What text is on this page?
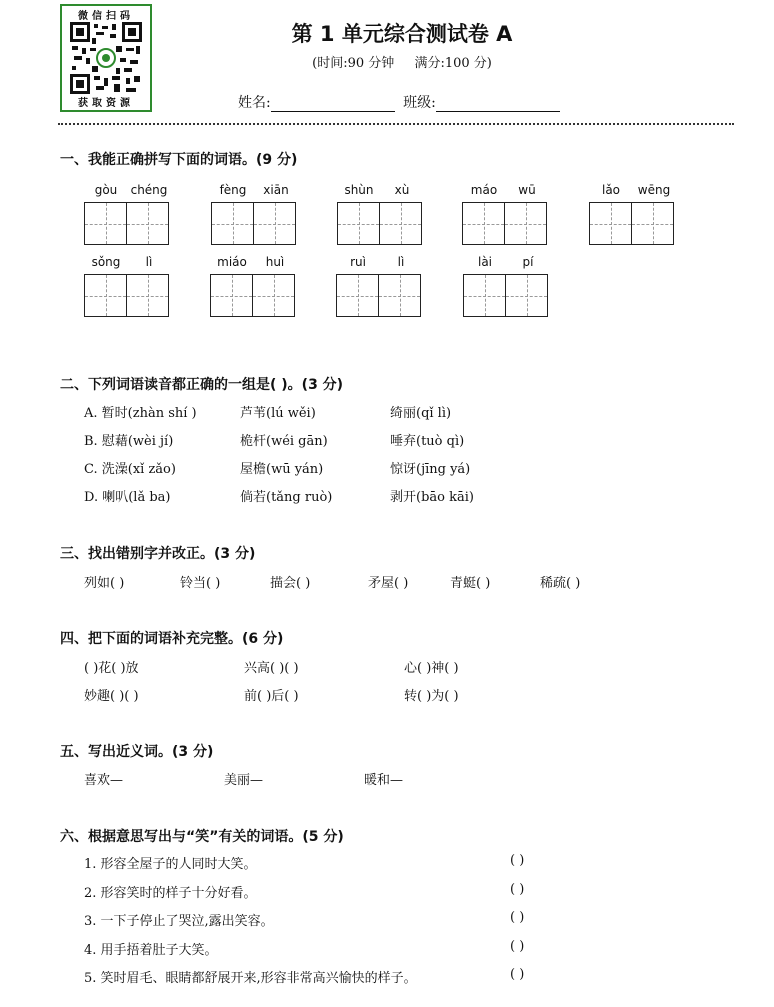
微信扫码
获取资源
第 1 单元综合测试卷 A
(时间:90 分钟 满分:100 分)
姓名:	班级:
一、我能正确拼写下面的词语。(9 分)
gòu	chéng	fèng	xiān	shùn	xù	máo	wū	lǎo	wēng
sǒng	lì	miáo	huì	ruì	lì	lài	pí
二、下列词语读音都正确的一组是( )。(3 分)
A. 暂时(zhàn shí )	芦苇(lú wěi)	绮丽(qǐ lì)
B. 慰藉(wèi jí)	桅杆(wéi gān)	唾弃(tuò qì)
C. 洗澡(xǐ zǎo)	屋檐(wū yán)	惊讶(jīng yá)
D. 喇叭(lǎ ba)	倘若(tǎng ruò)	剥开(bāo kāi)
三、找出错别字并改正。(3 分)
列如( )	铃当( )	描会( )	矛屋( )	青蜓( )	稀疏( )
四、把下面的词语补充完整。(6 分)
( )花( )放	兴高( )( )	心( )神( )
妙趣( )( )	前( )后( )	转( )为( )
五、写出近义词。(3 分)
喜欢—	美丽—	暖和—
六、根据意思写出与“笑”有关的词语。(5 分)
1. 形容全屋子的人同时大笑。	( )
2. 形容笑时的样子十分好看。	( )
3. 一下子停止了哭泣,露出笑容。	( )
4. 用手捂着肚子大笑。	( )
5. 笑时眉毛、眼睛都舒展开来,形容非常高兴愉快的样子。	( )
